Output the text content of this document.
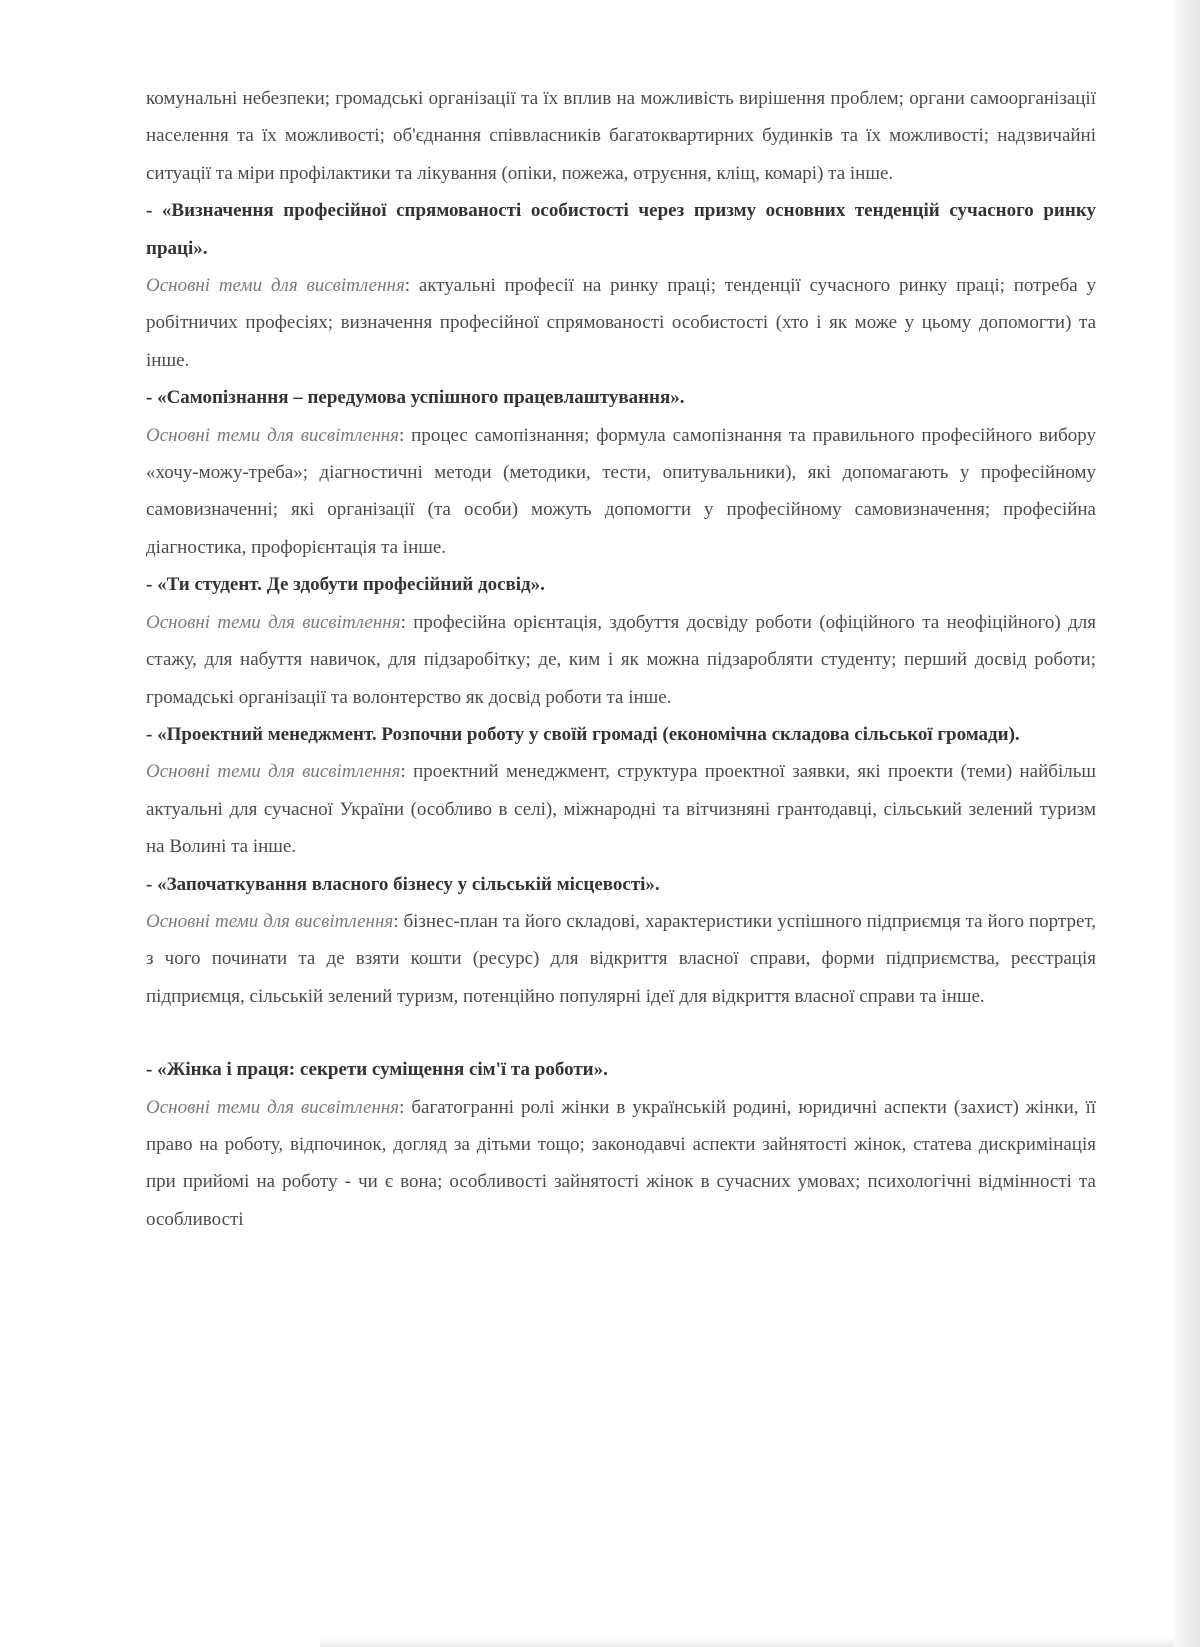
комунальні небезпеки; громадські організації та їх вплив на можливість вирішення проблем; органи самоорганізації населення та їх можливості; об'єднання співвласників багатоквартирних будинків та їх можливості; надзвичайні ситуації та міри профілактики та лікування (опіки, пожежа, отруєння, кліщ, комарі) та інше.

- «Визначення професійної спрямованості особистості через призму основних тенденцій сучасного ринку праці».

Основні теми для висвітлення: актуальні професії на ринку праці; тенденції сучасного ринку праці; потреба у робітничих професіях; визначення професійної спрямованості особистості (хто і як може у цьому допомогти) та інше.

- «Самопізнання – передумова успішного працевлаштування».

Основні теми для висвітлення: процес самопізнання; формула самопізнання та правильного професійного вибору «хочу-можу-треба»; діагностичні методи (методики, тести, опитувальники), які допомагають у професійному самовизначенні; які організації (та особи) можуть допомогти у професійному самовизначення; професійна діагностика, профорієнтація та інше.

- «Ти студент. Де здобути професійний досвід».

Основні теми для висвітлення: професійна орієнтація, здобуття досвіду роботи (офіційного та неофіційного) для стажу, для набуття навичок, для підзаробітку; де, ким і як можна підзаробляти студенту; перший досвід роботи; громадські організації та волонтерство як досвід роботи та інше.

- «Проектний менеджмент. Розпочни роботу у своїй громаді (економічна складова сільської громади).

Основні теми для висвітлення: проектний менеджмент, структура проектної заявки, які проекти (теми) найбільш актуальні для сучасної України (особливо в селі), міжнародні та вітчизняні грантодавці, сільський зелений туризм на Волині та інше.

- «Започаткування власного бізнесу у сільській місцевості».

Основні теми для висвітлення: бізнес-план та його складові, характеристики успішного підприємця та його портрет, з чого починати та де взяти кошти (ресурс) для відкриття власної справи, форми підприємства, реєстрація підприємця, сільській зелений туризм, потенційно популярні ідеї для відкриття власної справи та інше.

- «Жінка і праця: секрети суміщення сім'ї та роботи».

Основні теми для висвітлення: багатогранні ролі жінки в українській родині, юридичні аспекти (захист) жінки, її право на роботу, відпочинок, догляд за дітьми тощо; законодавчі аспекти зайнятості жінок, статева дискримінація при прийомі на роботу - чи є вона; особливості зайнятості жінок в сучасних умовах; психологічні відмінності та особливості
